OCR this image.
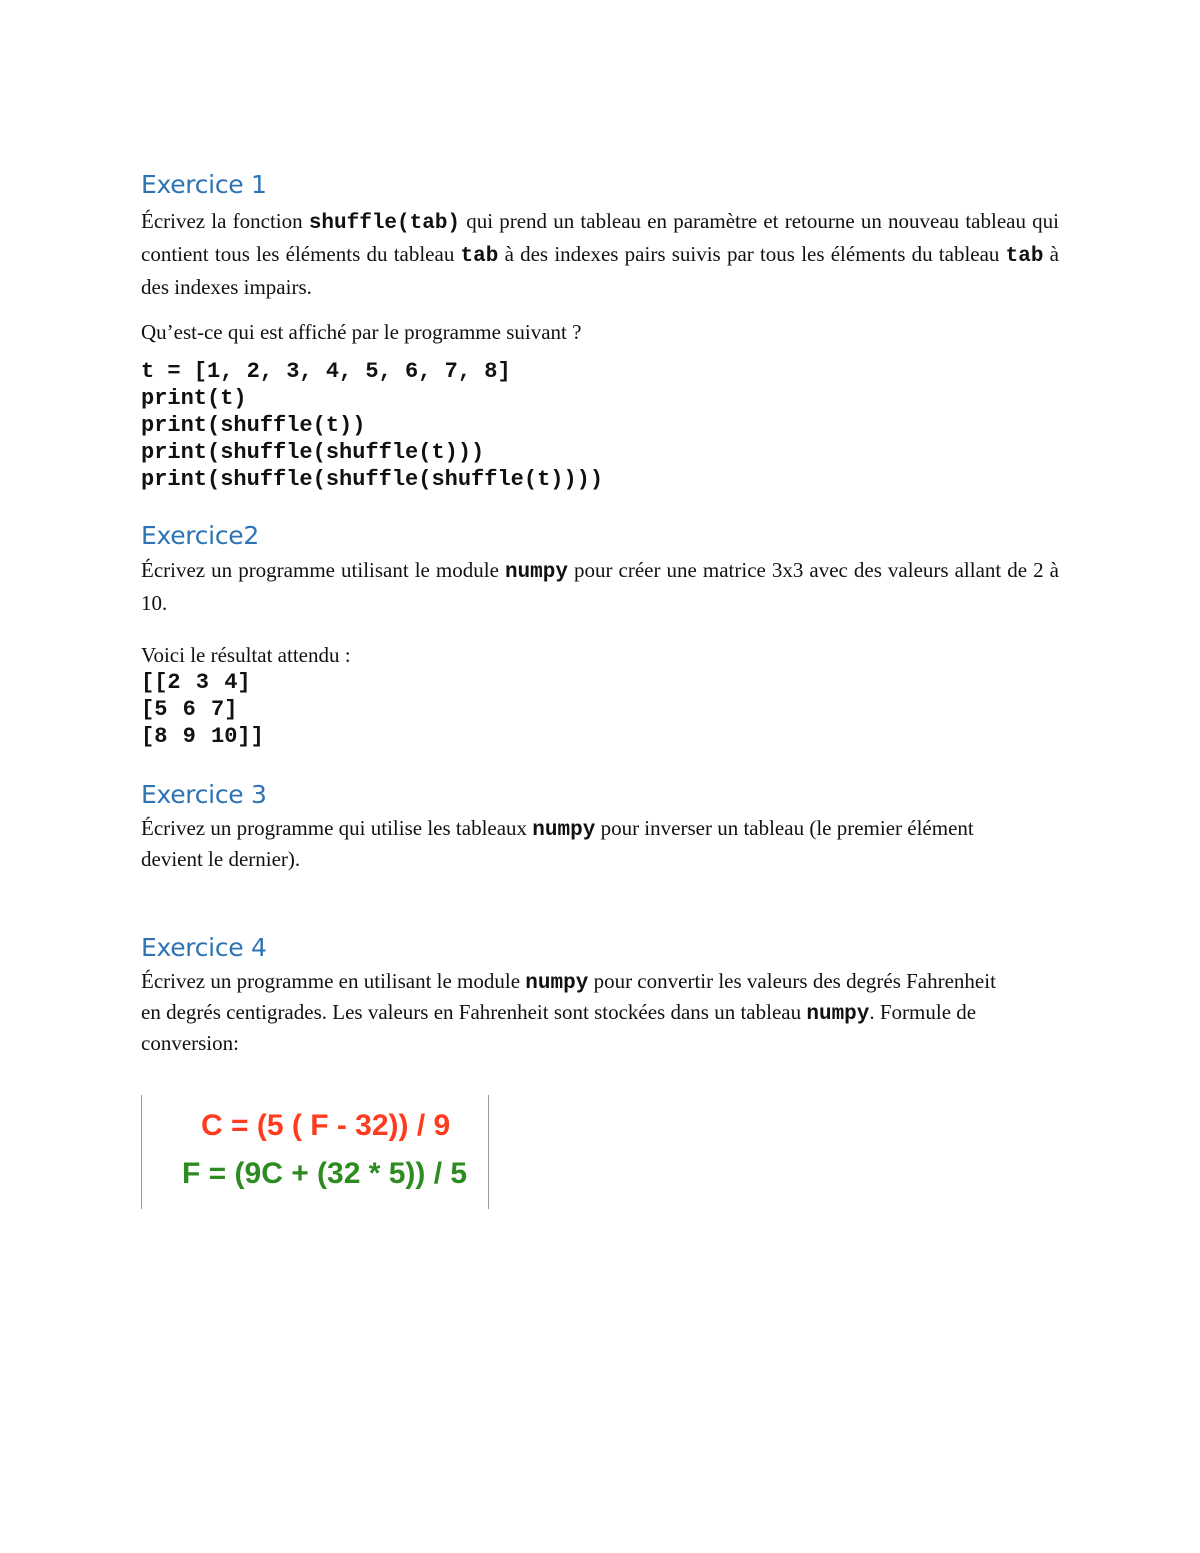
Exercice 1

Écrivez la fonction shuffle(tab) qui prend un tableau en paramètre et retourne un nouveau tableau qui contient tous les éléments du tableau tab à des indexes pairs suivis par tous les éléments du tableau tab à des indexes impairs.

Qu’est-ce qui est affiché par le programme suivant ?

t = [1, 2, 3, 4, 5, 6, 7, 8]
print(t)
print(shuffle(t))
print(shuffle(shuffle(t)))
print(shuffle(shuffle(shuffle(t))))
Exercice2

Écrivez un programme utilisant le module numpy pour créer une matrice 3x3 avec des valeurs allant de 2 à 10.

Voici le résultat attendu :

[[2 3 4]
[5 6 7]
[8 9 10]]
Exercice 3

Écrivez un programme qui utilise les tableaux numpy pour inverser un tableau (le premier élément devient le dernier).

Exercice 4

Écrivez un programme en utilisant le module numpy pour convertir les valeurs des degrés Fahrenheit en degrés centigrades. Les valeurs en Fahrenheit sont stockées dans un tableau numpy. Formule de conversion:

C = (5 ( F - 32)) / 9
F = (9C + (32 * 5)) / 5
